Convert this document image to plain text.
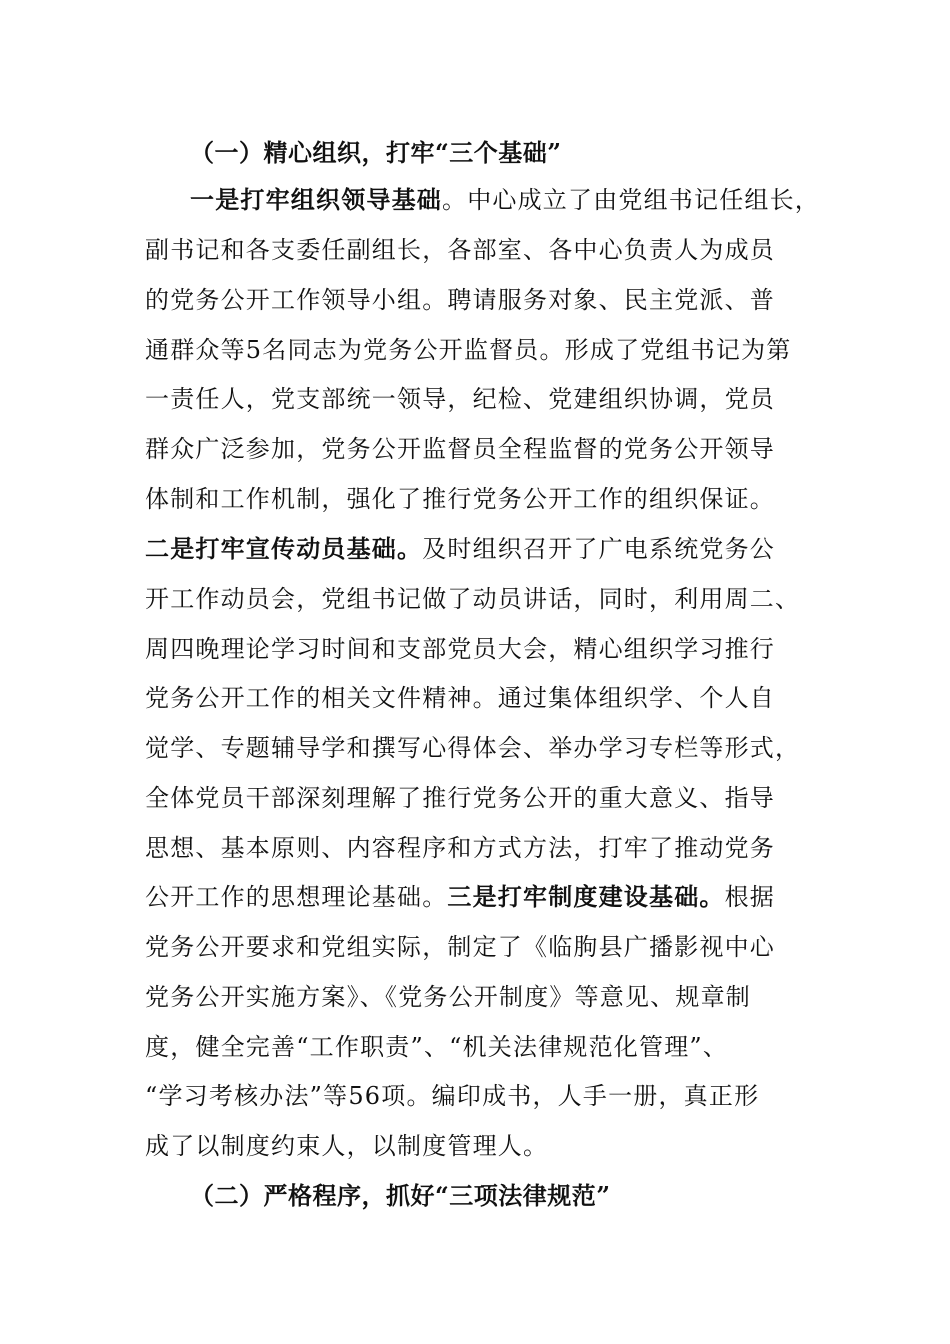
（一）精心组织，打牢“三个基础”
一是打牢组织领导基础。中心成立了由党组书记任组长，
副书记和各支委任副组长，各部室、各中心负责人为成员
的党务公开工作领导小组。聘请服务对象、民主党派、普
通群众等5名同志为党务公开监督员。形成了党组书记为第
一责任人，党支部统一领导，纪检、党建组织协调，党员
群众广泛参加，党务公开监督员全程监督的党务公开领导
体制和工作机制，强化了推行党务公开工作的组织保证。
二是打牢宣传动员基础。及时组织召开了广电系统党务公
开工作动员会，党组书记做了动员讲话，同时，利用周二、
周四晚理论学习时间和支部党员大会，精心组织学习推行
党务公开工作的相关文件精神。通过集体组织学、个人自
觉学、专题辅导学和撰写心得体会、举办学习专栏等形式，
全体党员干部深刻理解了推行党务公开的重大意义、指导
思想、基本原则、内容程序和方式方法，打牢了推动党务
公开工作的思想理论基础。三是打牢制度建设基础。根据
党务公开要求和党组实际，制定了《临朐县广播影视中心
党务公开实施方案》、《党务公开制度》等意见、规章制
度，健全完善“工作职责”、“机关法律规范化管理”、
“学习考核办法”等56项。编印成书，人手一册，真正形
成了以制度约束人，以制度管理人。
（二）严格程序，抓好“三项法律规范”
